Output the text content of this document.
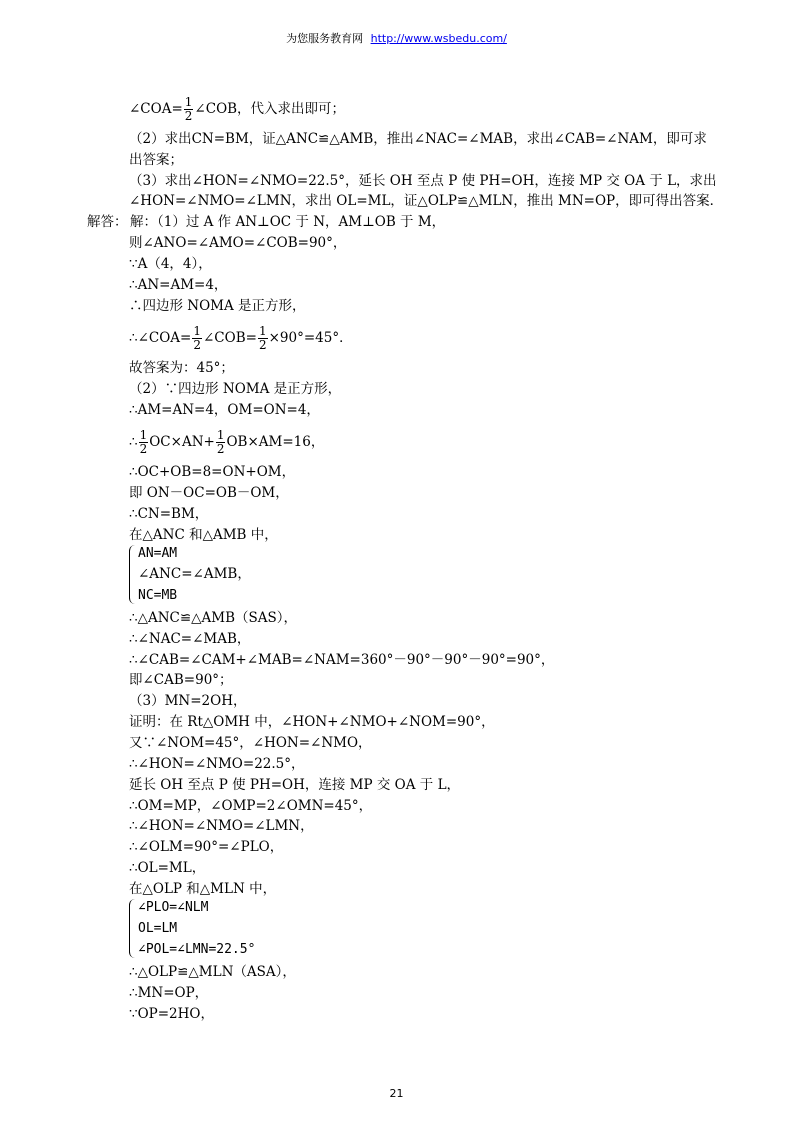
为您服务教育网 http://www.wsbedu.com/
∠COA= $\frac{1}{2}$ ∠COB，代入求出即可；
（2）求出CN=BM，证△ANC≌△AMB，推出∠NAC=∠MAB，求出∠CAB=∠NAM，即可求
出答案；
（3）求出∠HON=∠NMO=22.5°，延长 OH 至点 P 使 PH=OH，连接 MP 交 OA 于 L，求出
∠HON=∠NMO=∠LMN，求出 OL=ML，证△OLP≌△MLN，推出 MN=OP，即可得出答案．
解答： 解：（1）过 A 作 AN⊥OC 于 N，AM⊥OB 于 M，
则∠ANO=∠AMO=∠COB=90°，
∵A（4，4），
∴AN=AM=4，
∴四边形 NOMA 是正方形，
∴∠COA= $\frac{1}{2}$ ∠COB= $\frac{1}{2} \times 90^\circ=45^\circ$．
故答案为：45°；
（2）∵四边形 NOMA 是正方形，
∴AM=AN=4，OM=ON=4，
∴ $\frac{1}{2} OC\times AN+ \frac{1}{2} OB\times AM=16$，
∴OC+OB=8=ON+OM，
即 ON－OC=OB－OM，
∴CN=BM，
在△ANC 和△AMB 中，
AN=AM
∠ANC=∠AMB，
NC=MB
∴△ANC≌△AMB（SAS），
∴∠NAC=∠MAB，
∴∠CAB=∠CAM+∠MAB=∠NAM=360°－90°－90°－90°=90°，
即∠CAB=90°；
（3）MN=2OH，
证明：在 Rt△OMH 中，∠HON+∠NMO+∠NOM=90°，
又∵∠NOM=45°，∠HON=∠NMO，
∴∠HON=∠NMO=22.5°，
延长 OH 至点 P 使 PH=OH，连接 MP 交 OA 于 L，
∴OM=MP，∠OMP=2∠OMN=45°，
∴∠HON=∠NMO=∠LMN，
∴∠OLM=90°=∠PLO，
∴OL=ML，
在△OLP 和△MLN 中，
∠PLO=∠NLM
OL=LM
∠POL=∠LMN=22.5°
∴△OLP≌△MLN（ASA），
∴MN=OP，
∵OP=2HO，
21
